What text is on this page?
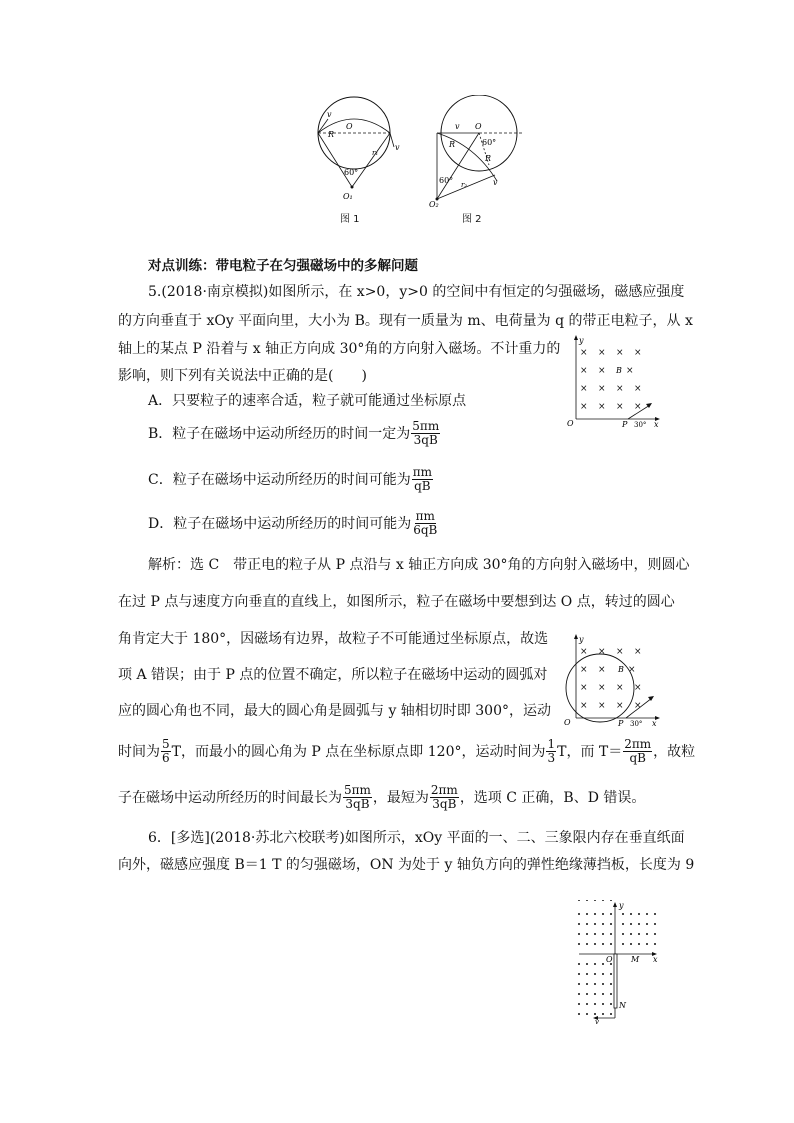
v
R
O
r₁
v
60°
O₁
图 1
v O
60°
R
R
r₂
60°	v
O₂
图 2
对点训练：带电粒子在匀强磁场中的多解问题
5.(2018·南京模拟)如图所示，在 x>0，y>0 的空间中有恒定的匀强磁场，磁感应强度
的方向垂直于 xOy 平面向里，大小为 B。现有一质量为 m、电荷量为 q 的带正电粒子，从 x
轴上的某点 P 沿着与 x 轴正方向成 30°角的方向射入磁场。不计重力的
影响，则下列有关说法中正确的是(　　)
A．只要粒子的速率合适，粒子就可能通过坐标原点
B．粒子在磁场中运动所经历的时间一定为 $\frac{5\pi m}{3qB}$
C．粒子在磁场中运动所经历的时间可能为 $\frac{\pi m}{qB}$
D．粒子在磁场中运动所经历的时间可能为 $\frac{\pi m}{6qB}$
× × × ×
× × ×
× × × ×
× × × ×
B
y
O	P 30° x
解析：选 C　带正电的粒子从 P 点沿与 x 轴正方向成 30°角的方向射入磁场中，则圆心
在过 P 点与速度方向垂直的直线上，如图所示，粒子在磁场中要想到达 O 点，转过的圆心
角肯定大于 180°，因磁场有边界，故粒子不可能通过坐标原点，故选
项 A 错误；由于 P 点的位置不确定，所以粒子在磁场中运动的圆弧对
应的圆心角也不同，最大的圆心角是圆弧与 y 轴相切时即 300°，运动
时间为 $\frac{5}{6}$ T，而最小的圆心角为 P 点在坐标原点即 120°，运动时间为 $\frac{1}{3}$ T，而 $T= \frac{2\pi m}{qB}$ ，故粒
子在磁场中运动所经历的时间最长为 $\frac{5\pi m}{3qB}$ ，最短为 $\frac{2\pi m}{3qB}$ ，选项 C 正确，B、D 错误。
× × × ×
× × ×
× × × ×
× × × ×
B
y
O	P 30° x
6．[多选](2018·苏北六校联考)如图所示，xOy 平面的一、二、三象限内存在垂直纸面
向外，磁感应强度 B＝1 T 的匀强磁场，ON 为处于 y 轴负方向的弹性绝缘薄挡板，长度为 9
y
O M x
N
v
